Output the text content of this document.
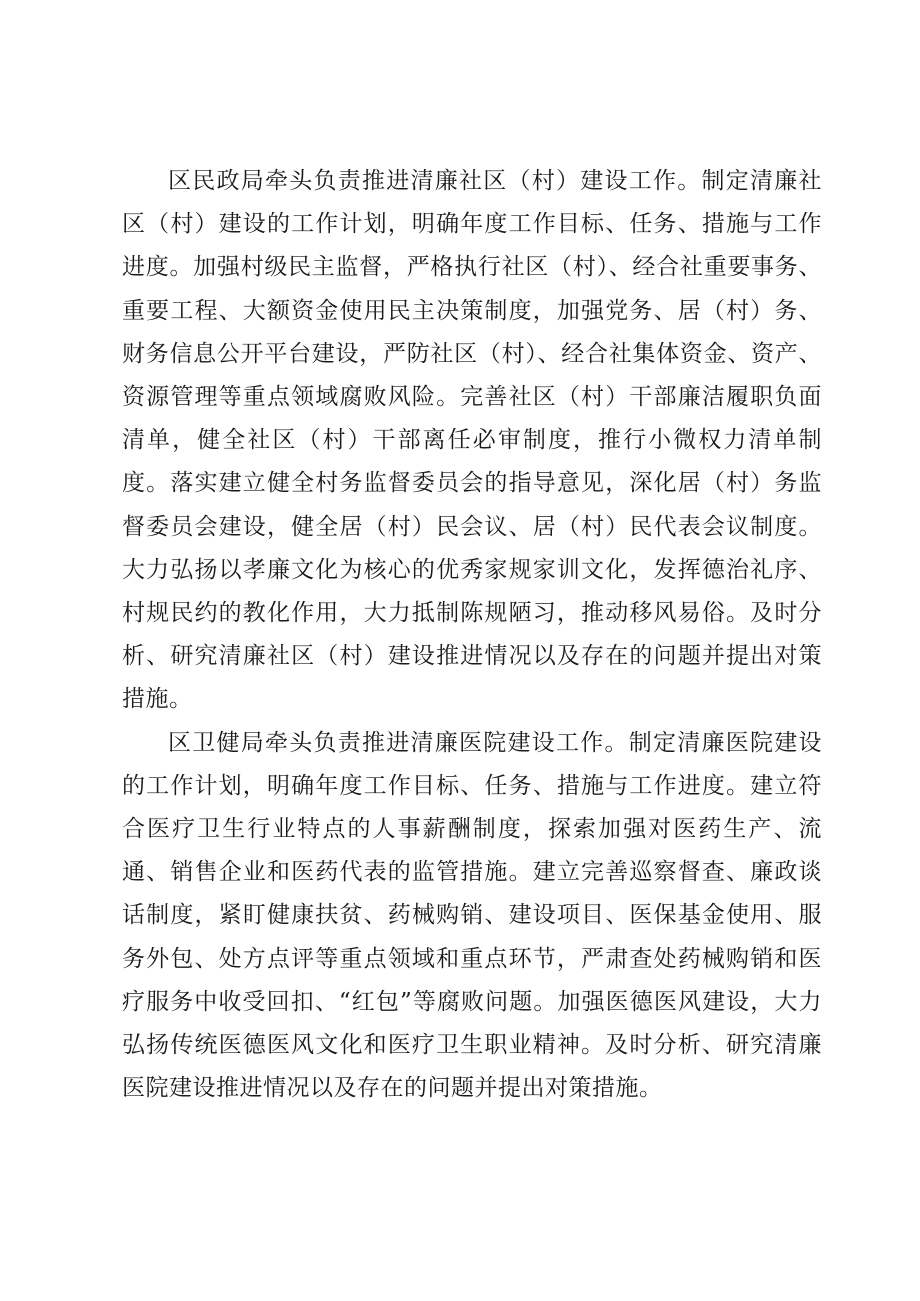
区民政局牵头负责推进清廉社区（村）建设工作。制定清廉社区（村）建设的工作计划，明确年度工作目标、任务、措施与工作进度。加强村级民主监督，严格执行社区（村）、经合社重要事务、重要工程、大额资金使用民主决策制度，加强党务、居（村）务、财务信息公开平台建设，严防社区（村）、经合社集体资金、资产、资源管理等重点领域腐败风险。完善社区（村）干部廉洁履职负面清单，健全社区（村）干部离任必审制度，推行小微权力清单制度。落实建立健全村务监督委员会的指导意见，深化居（村）务监督委员会建设，健全居（村）民会议、居（村）民代表会议制度。大力弘扬以孝廉文化为核心的优秀家规家训文化，发挥德治礼序、村规民约的教化作用，大力抵制陈规陋习，推动移风易俗。及时分析、研究清廉社区（村）建设推进情况以及存在的问题并提出对策措施。

区卫健局牵头负责推进清廉医院建设工作。制定清廉医院建设的工作计划，明确年度工作目标、任务、措施与工作进度。建立符合医疗卫生行业特点的人事薪酬制度，探索加强对医药生产、流通、销售企业和医药代表的监管措施。建立完善巡察督查、廉政谈话制度，紧盯健康扶贫、药械购销、建设项目、医保基金使用、服务外包、处方点评等重点领域和重点环节，严肃查处药械购销和医疗服务中收受回扣、“红包”等腐败问题。加强医德医风建设，大力弘扬传统医德医风文化和医疗卫生职业精神。及时分析、研究清廉医院建设推进情况以及存在的问题并提出对策措施。
